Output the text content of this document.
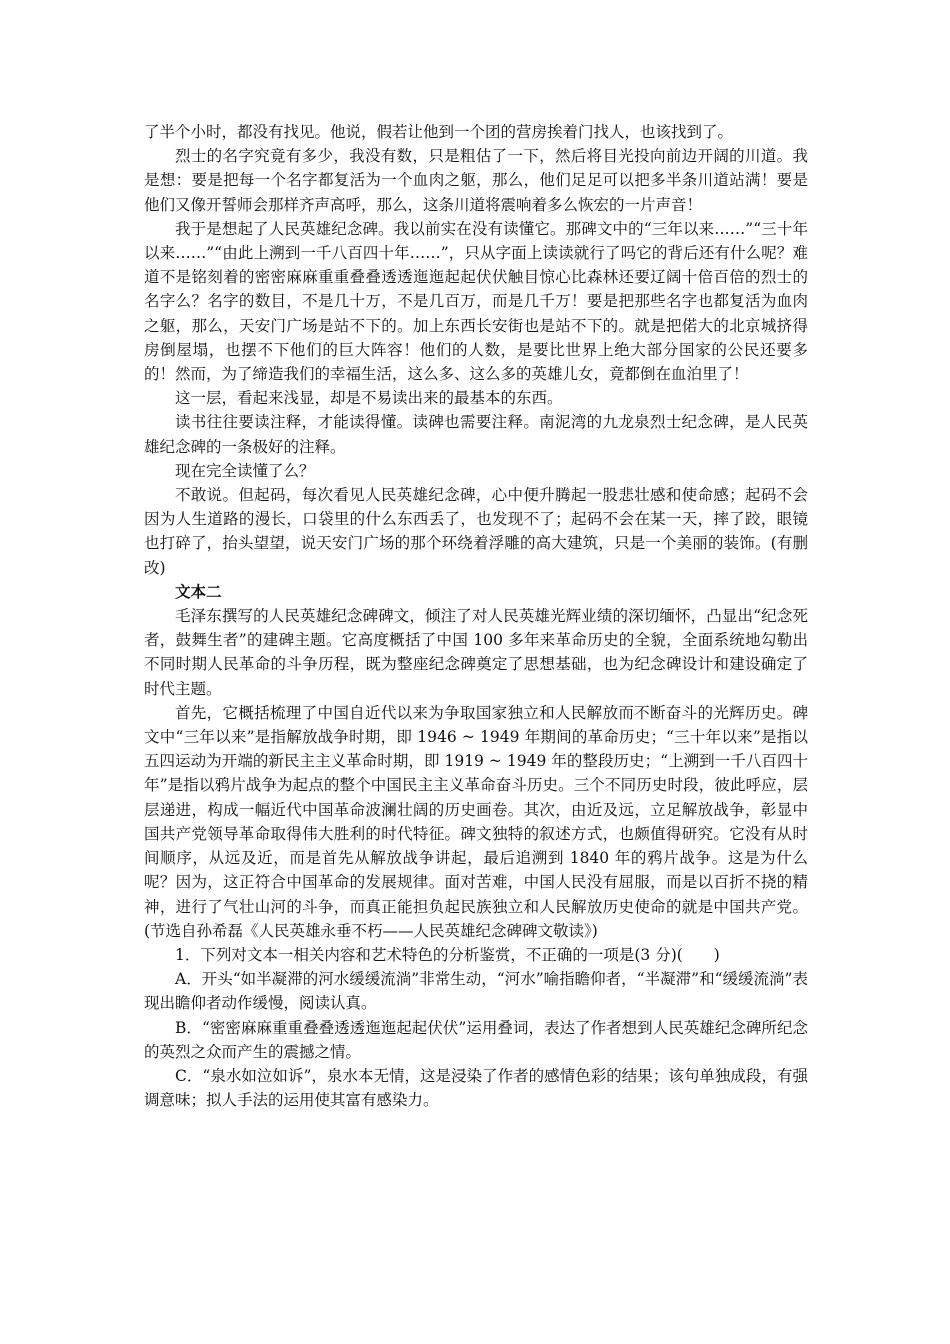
了半个小时，都没有找见。他说，假若让他到一个团的营房挨着门找人，也该找到了。

烈士的名字究竟有多少，我没有数，只是粗估了一下，然后将目光投向前边开阔的川道。我是想：要是把每一个名字都复活为一个血肉之躯，那么，他们足足可以把多半条川道站满！要是他们又像开誓师会那样齐声高呼，那么，这条川道将震响着多么恢宏的一片声音！

我于是想起了人民英雄纪念碑。我以前实在没有读懂它。那碑文中的“三年以来……”“三十年以来……”“由此上溯到一千八百四十年……”，只从字面上读读就行了吗它的背后还有什么呢？难道不是铭刻着的密密麻麻重重叠叠透透迤迤起起伏伏触目惊心比森林还要辽阔十倍百倍的烈士的名字么？名字的数目，不是几十万，不是几百万，而是几千万！要是把那些名字也都复活为血肉之躯，那么，天安门广场是站不下的。加上东西长安街也是站不下的。就是把偌大的北京城挤得房倒屋塌，也摆不下他们的巨大阵容！他们的人数，是要比世界上绝大部分国家的公民还要多的！然而，为了缔造我们的幸福生活，这么多、这么多的英雄儿女，竟都倒在血泊里了！

这一层，看起来浅显，却是不易读出来的最基本的东西。

读书往往要读注释，才能读得懂。读碑也需要注释。南泥湾的九龙泉烈士纪念碑，是人民英雄纪念碑的一条极好的注释。

现在完全读懂了么？

不敢说。但起码，每次看见人民英雄纪念碑，心中便升腾起一股悲壮感和使命感；起码不会因为人生道路的漫长，口袋里的什么东西丢了，也发现不了；起码不会在某一天，摔了跤，眼镜也打碎了，抬头望望，说天安门广场的那个环绕着浮雕的高大建筑，只是一个美丽的装饰。(有删改)

文本二

毛泽东撰写的人民英雄纪念碑碑文，倾注了对人民英雄光辉业绩的深切缅怀，凸显出“纪念死者，鼓舞生者”的建碑主题。它高度概括了中国 100 多年来革命历史的全貌，全面系统地勾勒出不同时期人民革命的斗争历程，既为整座纪念碑奠定了思想基础，也为纪念碑设计和建设确定了时代主题。

首先，它概括梳理了中国自近代以来为争取国家独立和人民解放而不断奋斗的光辉历史。碑文中“三年以来”是指解放战争时期，即 1946 ~ 1949 年期间的革命历史；“三十年以来”是指以五四运动为开端的新民主主义革命时期，即 1919 ~ 1949 年的整段历史；“上溯到一千八百四十年”是指以鸦片战争为起点的整个中国民主主义革命奋斗历史。三个不同历史时段，彼此呼应，层层递进，构成一幅近代中国革命波澜壮阔的历史画卷。其次，由近及远，立足解放战争，彰显中国共产党领导革命取得伟大胜利的时代特征。碑文独特的叙述方式，也颇值得研究。它没有从时间顺序，从远及近，而是首先从解放战争讲起，最后追溯到 1840 年的鸦片战争。这是为什么呢？因为，这正符合中国革命的发展规律。面对苦难，中国人民没有屈服，而是以百折不挠的精神，进行了气壮山河的斗争，而真正能担负起民族独立和人民解放历史使命的就是中国共产党。(节选自孙希磊《人民英雄永垂不朽——人民英雄纪念碑碑文敬读》)

1．下列对文本一相关内容和艺术特色的分析鉴赏，不正确的一项是(3 分)(　　)

A．开头“如半凝滞的河水缓缓流淌”非常生动，“河水”喻指瞻仰者，“半凝滞”和“缓缓流淌”表现出瞻仰者动作缓慢，阅读认真。

B．“密密麻麻重重叠叠透透迤迤起起伏伏”运用叠词，表达了作者想到人民英雄纪念碑所纪念的英烈之众而产生的震撼之情。

C．“泉水如泣如诉”，泉水本无情，这是浸染了作者的感情色彩的结果；该句单独成段，有强调意味；拟人手法的运用使其富有感染力。
